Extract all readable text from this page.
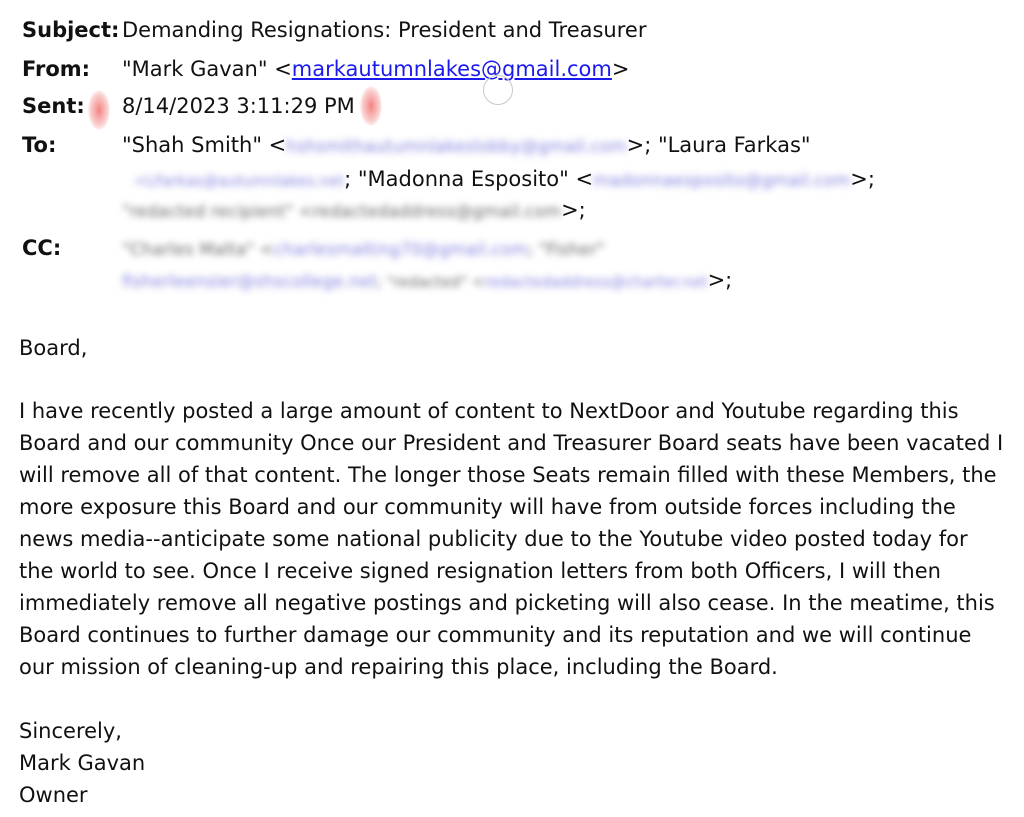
Subject: Demanding Resignations: President and Treasurer
From: "Mark Gavan" <markautumnlakes@gmail.com>
Sent: 8/14/2023 3:11:29 PM
To:	"Shah Smith" <hshsmithautumnlakeslobby@gmail.com>; "Laura Farkas"
<LFarkas@autumnlakes.net; "Madonna Esposito" <madonnaesposito@gmail.com>;
"redacted recipient" <redactedaddress@gmail.com>;
CC:	"Charles Malta" <charlesmalting70@gmail.com; "Fisher"
fisherleensier@shscollege.net; "redacted" <redactedaddress@charter.net>;

Board,

I have recently posted a large amount of content to NextDoor and Youtube regarding this

Board and our community Once our President and Treasurer Board seats have been vacated I

will remove all of that content. The longer those Seats remain filled with these Members, the

more exposure this Board and our community will have from outside forces including the

news media--anticipate some national publicity due to the Youtube video posted today for

the world to see. Once I receive signed resignation letters from both Officers, I will then

immediately remove all negative postings and picketing will also cease. In the meatime, this

Board continues to further damage our community and its reputation and we will continue

our mission of cleaning-up and repairing this place, including the Board.

Sincerely,

Mark Gavan

Owner
